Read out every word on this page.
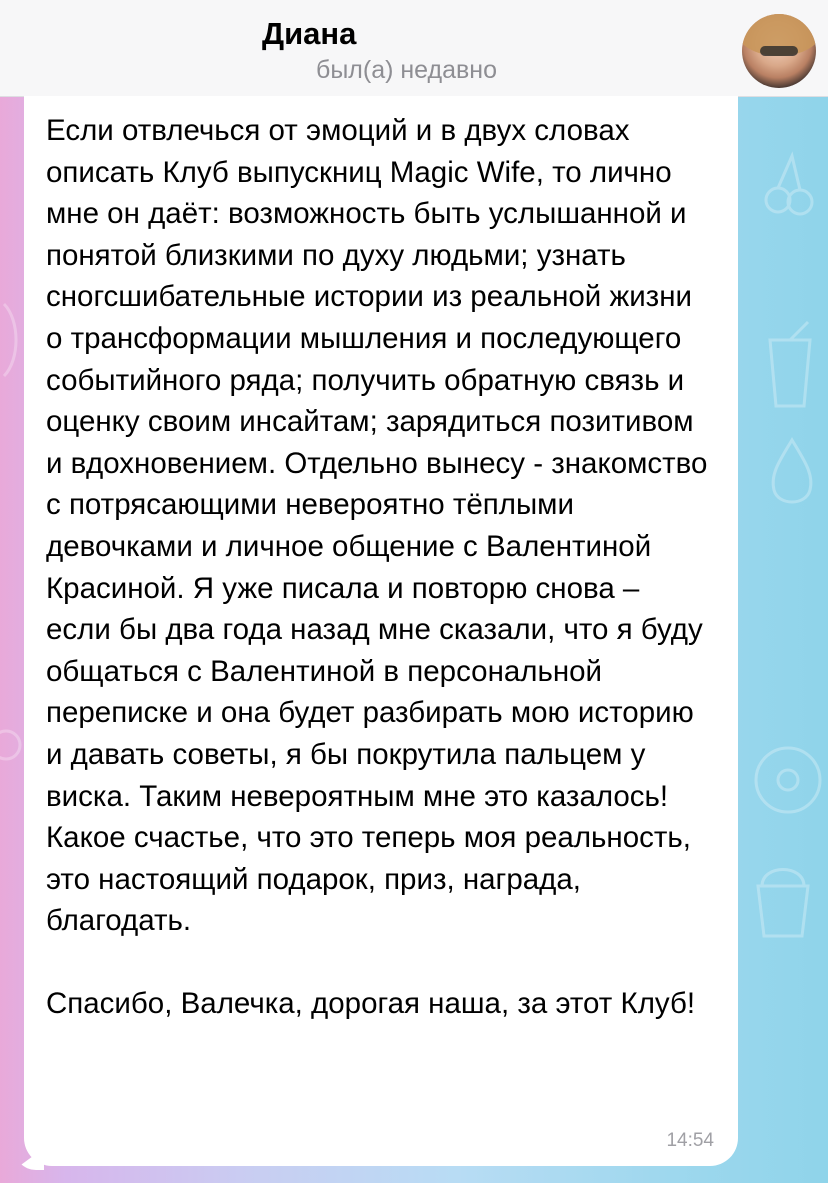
Диана
был(а) недавно
Если отвлечься от эмоций и в двух словах описать Клуб выпускниц Magic Wife, то лично мне он даёт: возможность быть услышанной и понятой близкими по духу людьми; узнать сногсшибательные истории из реальной жизни о трансформации мышления и последующего событийного ряда; получить обратную связь и оценку своим инсайтам; зарядиться позитивом и вдохновением. Отдельно вынесу - знакомство с потрясающими невероятно тёплыми девочками и личное общение с Валентиной Красиной. Я уже писала и повторю снова – если бы два года назад мне сказали, что я буду общаться с Валентиной в персональной переписке и она будет разбирать мою историю и давать советы, я бы покрутила пальцем у виска. Таким невероятным мне это казалось! Какое счастье, что это теперь моя реальность, это настоящий подарок, приз, награда, благодать.

Спасибо, Валечка, дорогая наша, за этот Клуб!
14:54
